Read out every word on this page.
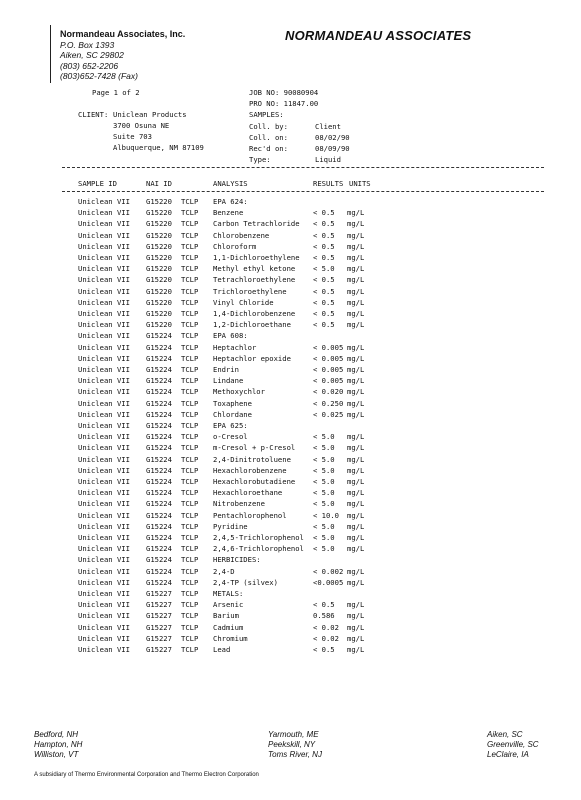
Normandeau Associates, Inc.
P.O. Box 1393
Aiken, SC 29802
(803) 652-2206
(803)652-7428 (Fax)
NORMANDEAU ASSOCIATES
Page 1 of 2	JOB NO: 90080904
PRO NO: 11847.00
CLIENT: Uniclean Products
3700 Osuna NE
Suite 703
Albuquerque, NM 87109
SAMPLES:
Coll. by:	Client
Coll. on:	08/02/90
Rec'd on:	08/09/90
Type:	Liquid
SAMPLE ID	NAI ID	ANALYSIS	RESULTS UNITS
Uniclean VII G15220 TCLP EPA 624:
Uniclean VII G15220 TCLP Benzene	< 0.5 mg/L
Uniclean VII G15220 TCLP Carbon Tetrachloride < 0.5 mg/L
Uniclean VII G15220 TCLP Chlorobenzene	< 0.5 mg/L
Uniclean VII G15220 TCLP Chloroform	< 0.5 mg/L
Uniclean VII G15220 TCLP 1,1-Dichloroethylene < 0.5 mg/L
Uniclean VII G15220 TCLP Methyl ethyl ketone < 5.0 mg/L
Uniclean VII G15220 TCLP Tetrachloroethylene < 0.5 mg/L
Uniclean VII G15220 TCLP Trichloroethylene	< 0.5 mg/L
Uniclean VII G15220 TCLP Vinyl Chloride	< 0.5 mg/L
Uniclean VII G15220 TCLP 1,4-Dichlorobenzene < 0.5 mg/L
Uniclean VII G15220 TCLP 1,2-Dichloroethane	< 0.5 mg/L
Uniclean VII G15224 TCLP EPA 608:
Uniclean VII G15224 TCLP Heptachlor	< 0.005 mg/L
Uniclean VII G15224 TCLP Heptachlor epoxide	< 0.005 mg/L
Uniclean VII G15224 TCLP Endrin	< 0.005 mg/L
Uniclean VII G15224 TCLP Lindane	< 0.005 mg/L
Uniclean VII G15224 TCLP Methoxychlor	< 0.020 mg/L
Uniclean VII G15224 TCLP Toxaphene	< 0.250 mg/L
Uniclean VII G15224 TCLP Chlordane	< 0.025 mg/L
Uniclean VII G15224 TCLP EPA 625:
Uniclean VII G15224 TCLP o-Cresol	< 5.0 mg/L
Uniclean VII G15224 TCLP m-Cresol + p-Cresol < 5.0 mg/L
Uniclean VII G15224 TCLP 2,4-Dinitrotoluene	< 5.0 mg/L
Uniclean VII G15224 TCLP Hexachlorobenzene	< 5.0 mg/L
Uniclean VII G15224 TCLP Hexachlorobutadiene < 5.0 mg/L
Uniclean VII G15224 TCLP Hexachloroethane	< 5.0 mg/L
Uniclean VII G15224 TCLP Nitrobenzene	< 5.0 mg/L
Uniclean VII G15224 TCLP Pentachlorophenol	< 10.0 mg/L
Uniclean VII G15224 TCLP Pyridine	< 5.0 mg/L
Uniclean VII G15224 TCLP 2,4,5-Trichlorophenol < 5.0 mg/L
Uniclean VII G15224 TCLP 2,4,6-Trichlorophenol < 5.0 mg/L
Uniclean VII G15224 TCLP HERBICIDES:
Uniclean VII G15224 TCLP 2,4-D	< 0.002 mg/L
Uniclean VII G15224 TCLP 2,4-TP (silvex)	<0.0005 mg/L
Uniclean VII G15227 TCLP METALS:
Uniclean VII G15227 TCLP Arsenic	< 0.5 mg/L
Uniclean VII G15227 TCLP Barium	0.586 mg/L
Uniclean VII G15227 TCLP Cadmium	< 0.02 mg/L
Uniclean VII G15227 TCLP Chromium	< 0.02 mg/L
Uniclean VII G15227 TCLP Lead	< 0.5 mg/L
Bedford, NH
Hampton, NH
Williston, VT
Yarmouth, ME
Peekskill, NY
Toms River, NJ
Aiken, SC
Greenville, SC
LeClaire, IA
A subsidiary of Thermo Environmental Corporation and Thermo Electron Corporation
